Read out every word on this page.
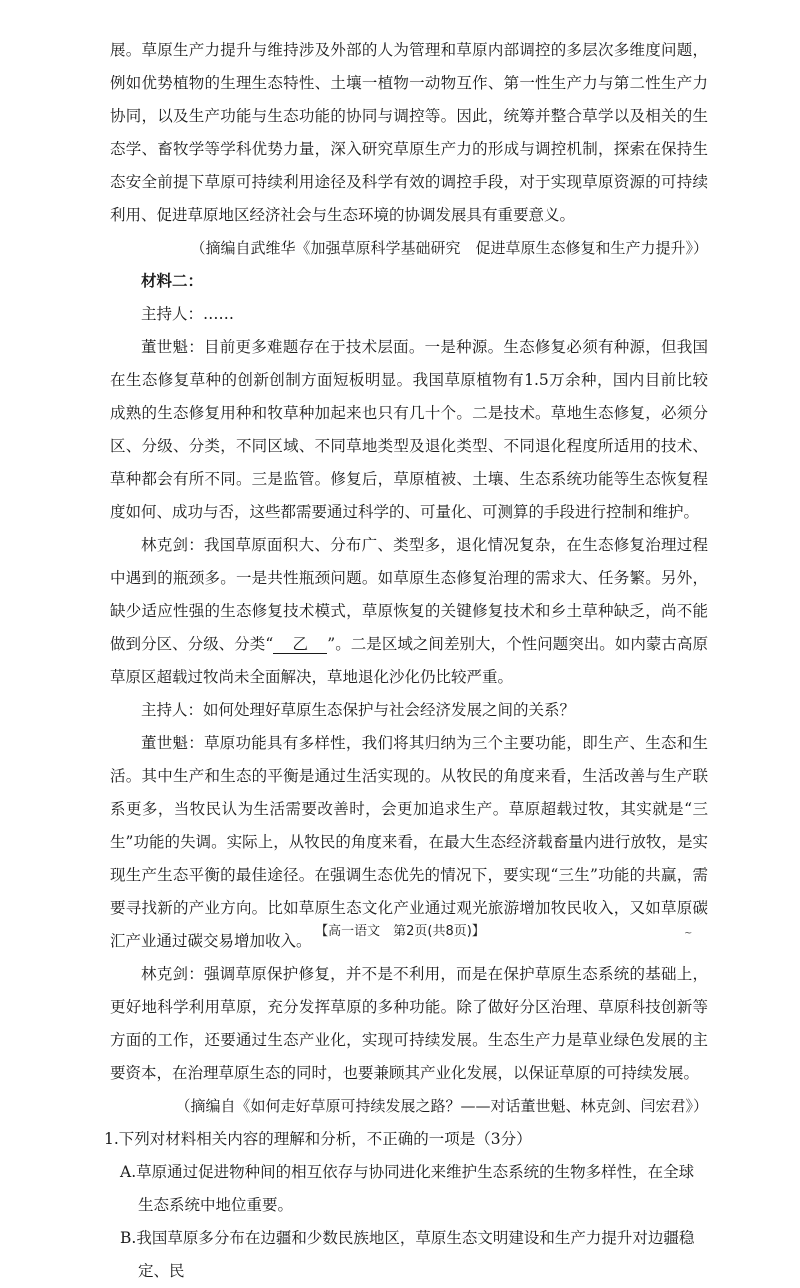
展。草原生产力提升与维持涉及外部的人为管理和草原内部调控的多层次多维度问题，例如优势植物的生理生态特性、土壤一植物一动物互作、第一性生产力与第二性生产力协同，以及生产功能与生态功能的协同与调控等。因此，统筹并整合草学以及相关的生态学、畜牧学等学科优势力量，深入研究草原生产力的形成与调控机制，探索在保持生态安全前提下草原可持续利用途径及科学有效的调控手段，对于实现草原资源的可持续利用、促进草原地区经济社会与生态环境的协调发展具有重要意义。

（摘编自武维华《加强草原科学基础研究　促进草原生态修复和生产力提升》）

材料二：

主持人：……

董世魁：目前更多难题存在于技术层面。一是种源。生态修复必须有种源，但我国在生态修复草种的创新创制方面短板明显。我国草原植物有1.5万余种，国内目前比较成熟的生态修复用种和牧草种加起来也只有几十个。二是技术。草地生态修复，必须分区、分级、分类，不同区域、不同草地类型及退化类型、不同退化程度所适用的技术、草种都会有所不同。三是监管。修复后，草原植被、土壤、生态系统功能等生态恢复程度如何、成功与否，这些都需要通过科学的、可量化、可测算的手段进行控制和维护。

林克剑：我国草原面积大、分布广、类型多，退化情况复杂，在生态修复治理过程中遇到的瓶颈多。一是共性瓶颈问题。如草原生态修复治理的需求大、任务繁。另外，缺少适应性强的生态修复技术模式，草原恢复的关键修复技术和乡土草种缺乏，尚不能做到分区、分级、分类“ 乙 ”。二是区域之间差别大，个性问题突出。如内蒙古高原草原区超载过牧尚未全面解决，草地退化沙化仍比较严重。

主持人：如何处理好草原生态保护与社会经济发展之间的关系？

董世魁：草原功能具有多样性，我们将其归纳为三个主要功能，即生产、生态和生活。其中生产和生态的平衡是通过生活实现的。从牧民的角度来看，生活改善与生产联系更多，当牧民认为生活需要改善时，会更加追求生产。草原超载过牧，其实就是“三生”功能的失调。实际上，从牧民的角度来看，在最大生态经济载畜量内进行放牧，是实现生产生态平衡的最佳途径。在强调生态优先的情况下，要实现“三生”功能的共赢，需要寻找新的产业方向。比如草原生态文化产业通过观光旅游增加牧民收入，又如草原碳汇产业通过碳交易增加收入。

林克剑：强调草原保护修复，并不是不利用，而是在保护草原生态系统的基础上，更好地科学利用草原，充分发挥草原的多种功能。除了做好分区治理、草原科技创新等方面的工作，还要通过生态产业化，实现可持续发展。生态生产力是草业绿色发展的主要资本，在治理草原生态的同时，也要兼顾其产业化发展，以保证草原的可持续发展。

（摘编自《如何走好草原可持续发展之路？——对话董世魁、林克剑、闫宏君》）

1.下列对材料相关内容的理解和分析，不正确的一项是（3分）

A.草原通过促进物种间的相互依存与协同进化来维护生态系统的生物多样性，在全球生态系统中地位重要。

B.我国草原多分布在边疆和少数民族地区，草原生态文明建设和生产力提升对边疆稳定、民

【高一语文　第2页(共8页)】	~
